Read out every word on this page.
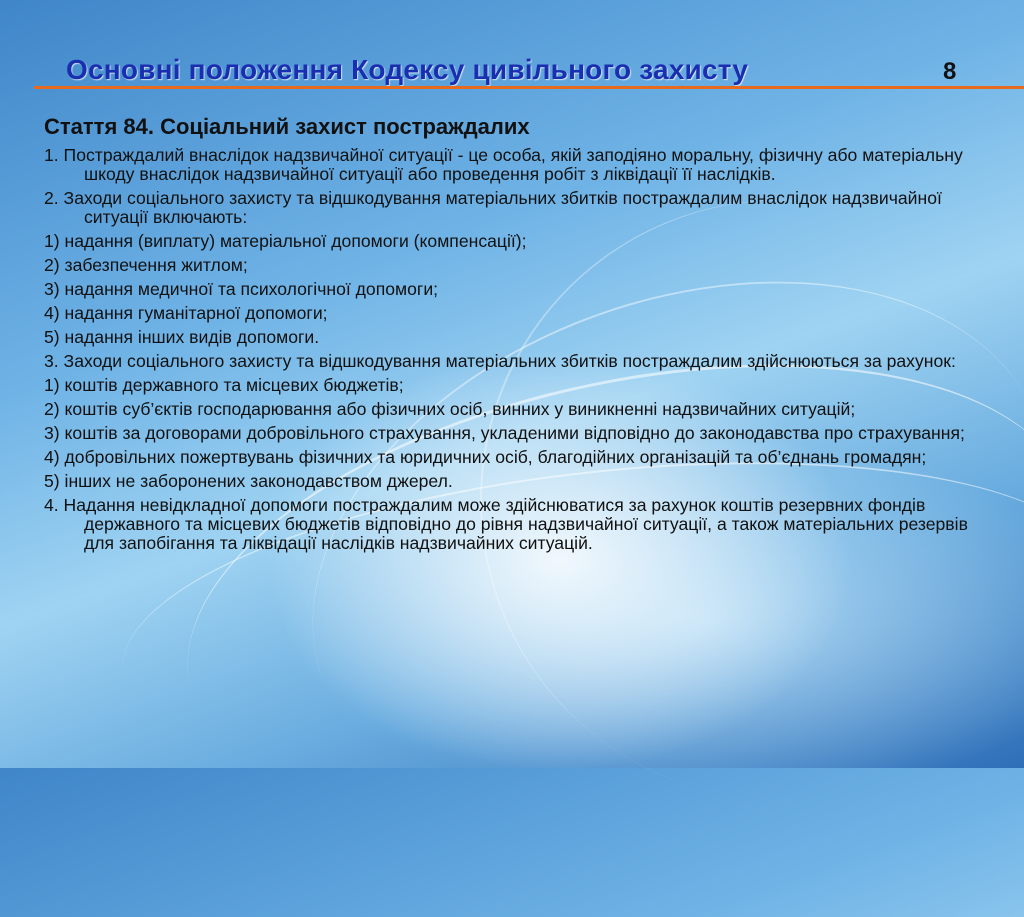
Основні положення Кодексу цивільного захисту	8
Стаття 84. Соціальний захист постраждалих

1. Постраждалий внаслідок надзвичайної ситуації - це особа, якій заподіяно моральну, фізичну або матеріальну шкоду внаслідок надзвичайної ситуації або проведення робіт з ліквідації її наслідків.

2. Заходи соціального захисту та відшкодування матеріальних збитків постраждалим внаслідок надзвичайної ситуації включають:

1) надання (виплату) матеріальної допомоги (компенсації);

2) забезпечення житлом;

3) надання медичної та психологічної допомоги;

4) надання гуманітарної допомоги;

5) надання інших видів допомоги.

3. Заходи соціального захисту та відшкодування матеріальних збитків постраждалим здійснюються за рахунок:

1) коштів державного та місцевих бюджетів;

2) коштів суб’єктів господарювання або фізичних осіб, винних у виникненні надзвичайних ситуацій;

3) коштів за договорами добровільного страхування, укладеними відповідно до законодавства про страхування;

4) добровільних пожертвувань фізичних та юридичних осіб, благодійних організацій та об’єднань громадян;

5) інших не заборонених законодавством джерел.

4. Надання невідкладної допомоги постраждалим може здійснюватися за рахунок коштів резервних фондів державного та місцевих бюджетів відповідно до рівня надзвичайної ситуації, а також матеріальних резервів для запобігання та ліквідації наслідків надзвичайних ситуацій.
